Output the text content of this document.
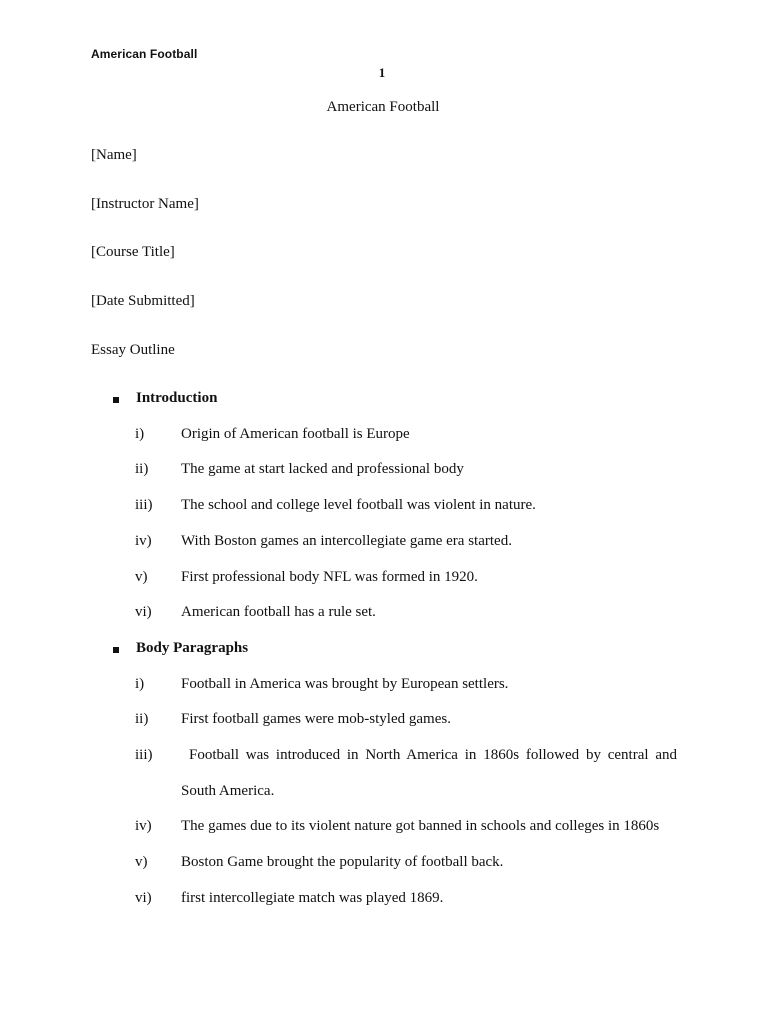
American Football
1
American Football
[Name]
[Instructor Name]
[Course Title]
[Date Submitted]
Essay Outline
Introduction
i) Origin of American football is Europe
ii) The game at start lacked and professional body
iii) The school and college level football was violent in nature.
iv) With Boston games an intercollegiate game era started.
v) First professional body NFL was formed in 1920.
vi) American football has a rule set.
Body Paragraphs
i) Football in America was brought by European settlers.
ii) First football games were mob-styled games.
iii)	Football was introduced in North America in 1860s followed by central and South America.
iv) The games due to its violent nature got banned in schools and colleges in 1860s
v) Boston Game brought the popularity of football back.
vi) first intercollegiate match was played 1869.
